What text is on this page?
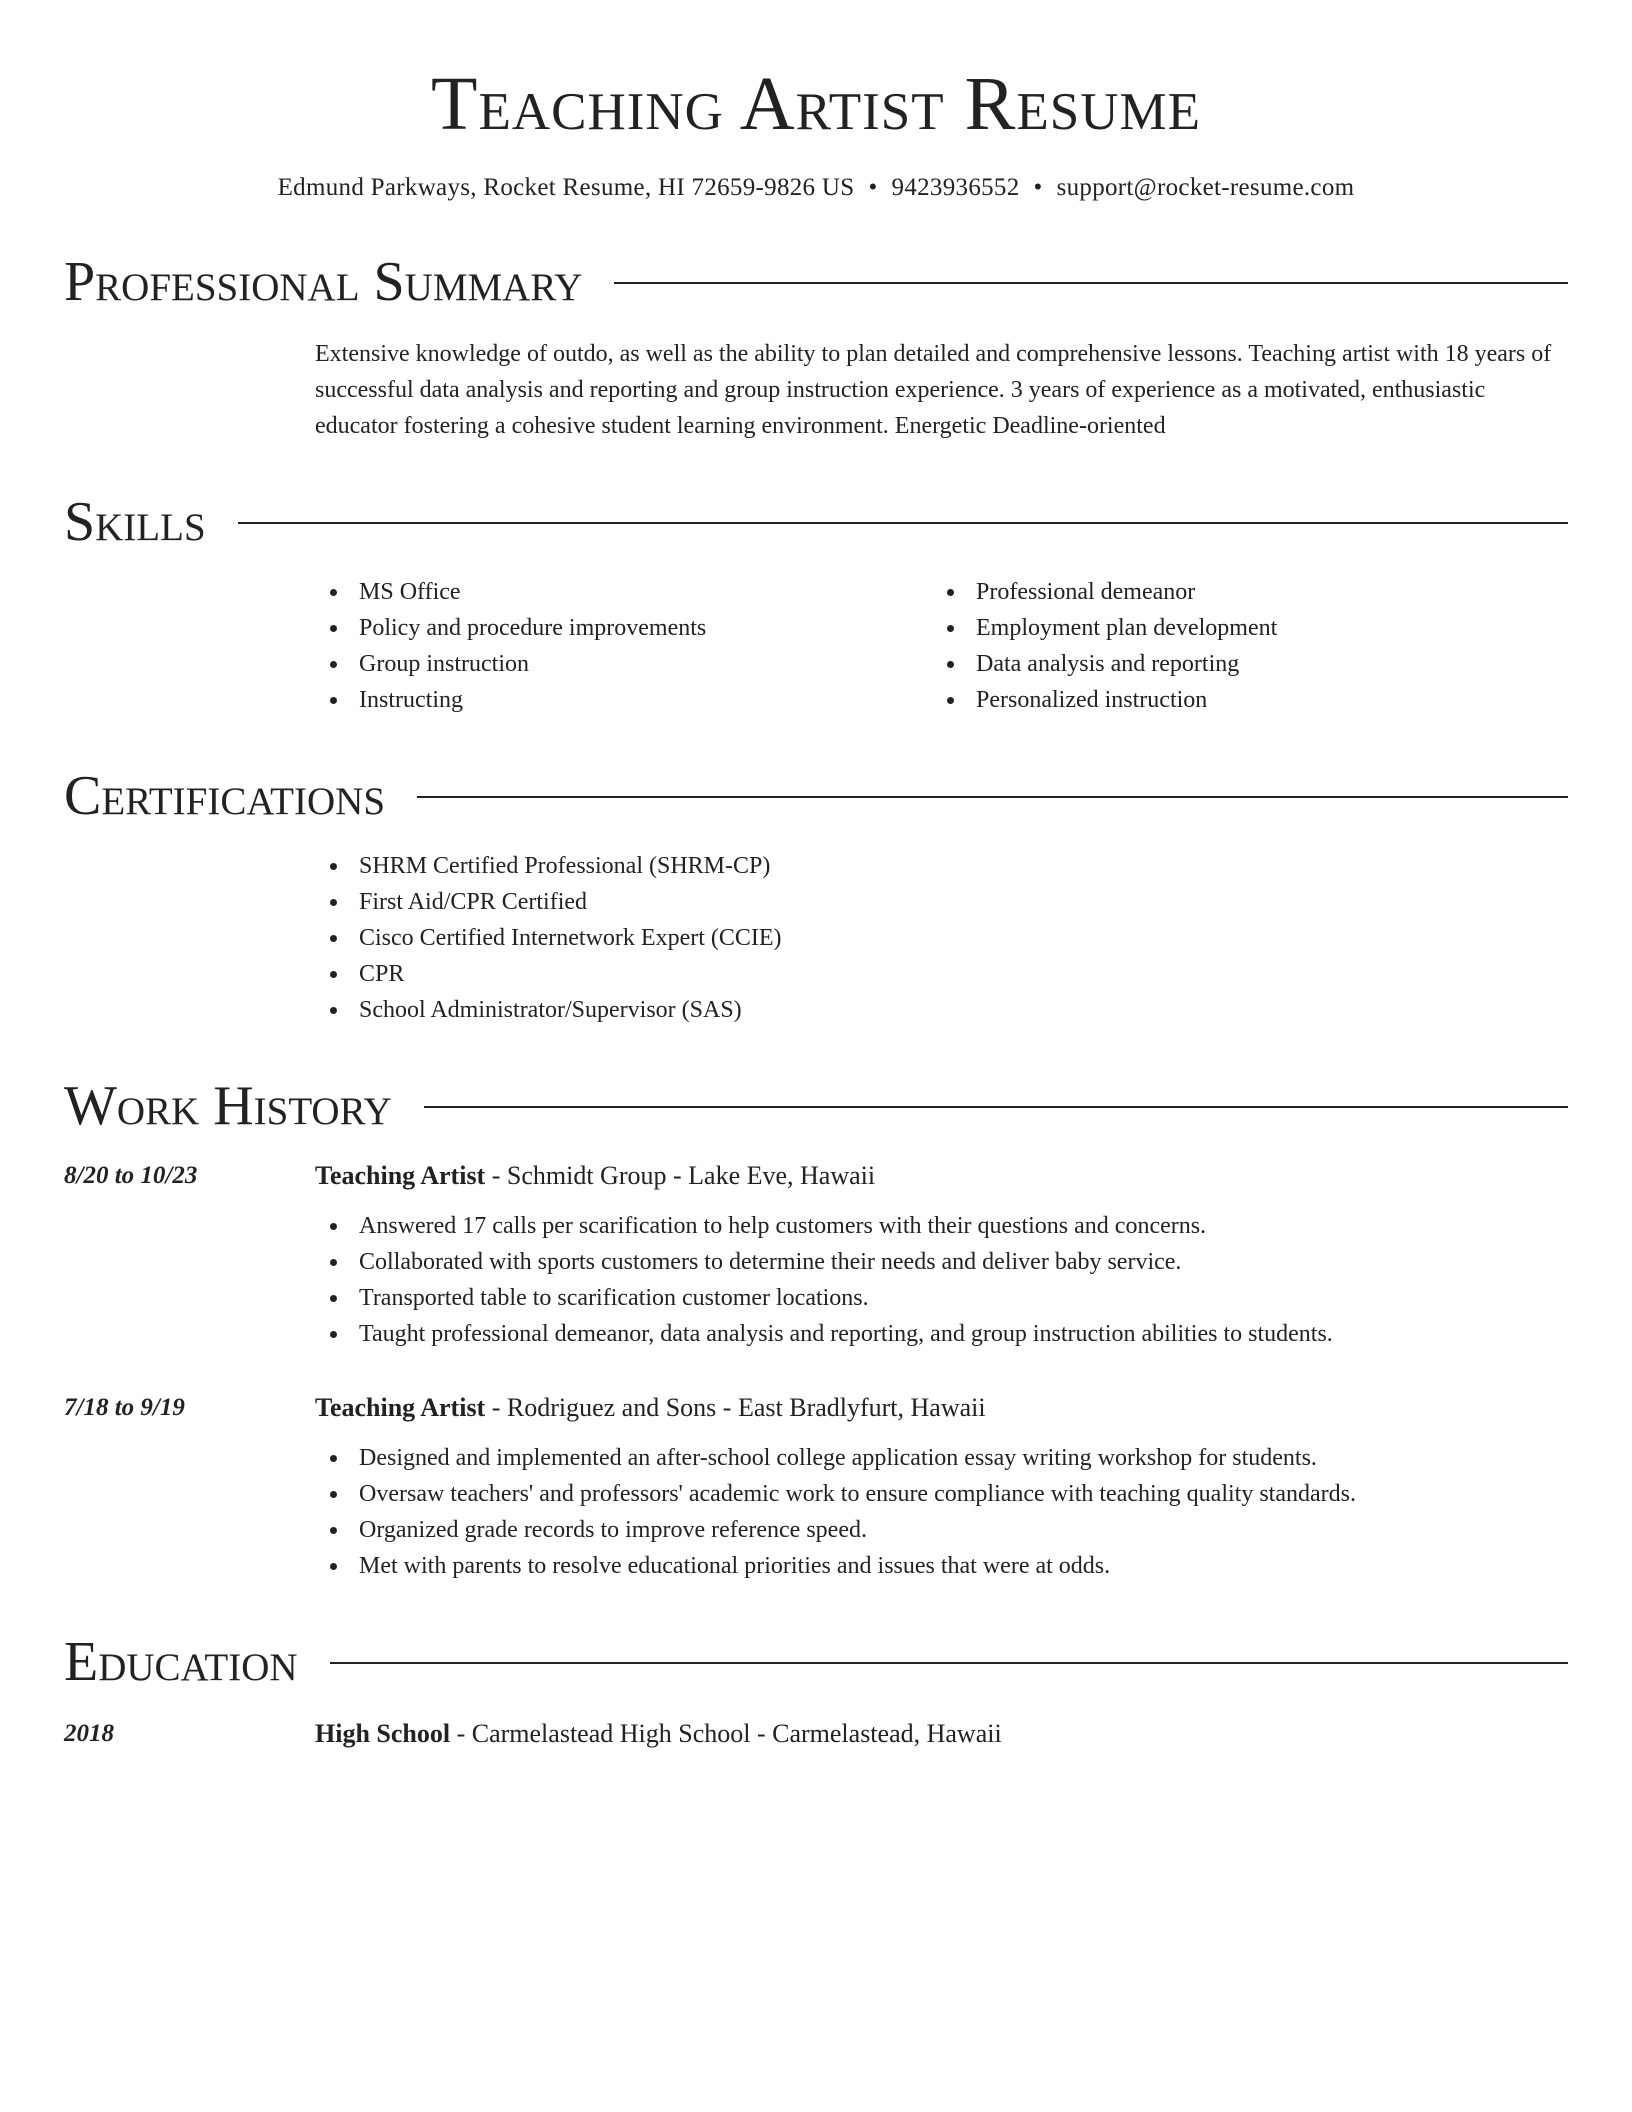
Teaching Artist Resume
Edmund Parkways, Rocket Resume, HI 72659-9826 US • 9423936552 • support@rocket-resume.com
Professional Summary
Extensive knowledge of outdo, as well as the ability to plan detailed and comprehensive lessons. Teaching artist with 18 years of successful data analysis and reporting and group instruction experience. 3 years of experience as a motivated, enthusiastic educator fostering a cohesive student learning environment. Energetic Deadline-oriented
Skills
MS Office
Policy and procedure improvements
Group instruction
Instructing
Professional demeanor
Employment plan development
Data analysis and reporting
Personalized instruction
Certifications
SHRM Certified Professional (SHRM-CP)
First Aid/CPR Certified
Cisco Certified Internetwork Expert (CCIE)
CPR
School Administrator/Supervisor (SAS)
Work History
8/20 to 10/23	Teaching Artist - Schmidt Group - Lake Eve, Hawaii
Answered 17 calls per scarification to help customers with their questions and concerns.
Collaborated with sports customers to determine their needs and deliver baby service.
Transported table to scarification customer locations.
Taught professional demeanor, data analysis and reporting, and group instruction abilities to students.
7/18 to 9/19	Teaching Artist - Rodriguez and Sons - East Bradlyfurt, Hawaii
Designed and implemented an after-school college application essay writing workshop for students.
Oversaw teachers' and professors' academic work to ensure compliance with teaching quality standards.
Organized grade records to improve reference speed.
Met with parents to resolve educational priorities and issues that were at odds.
Education
2018	High School - Carmelastead High School - Carmelastead, Hawaii
